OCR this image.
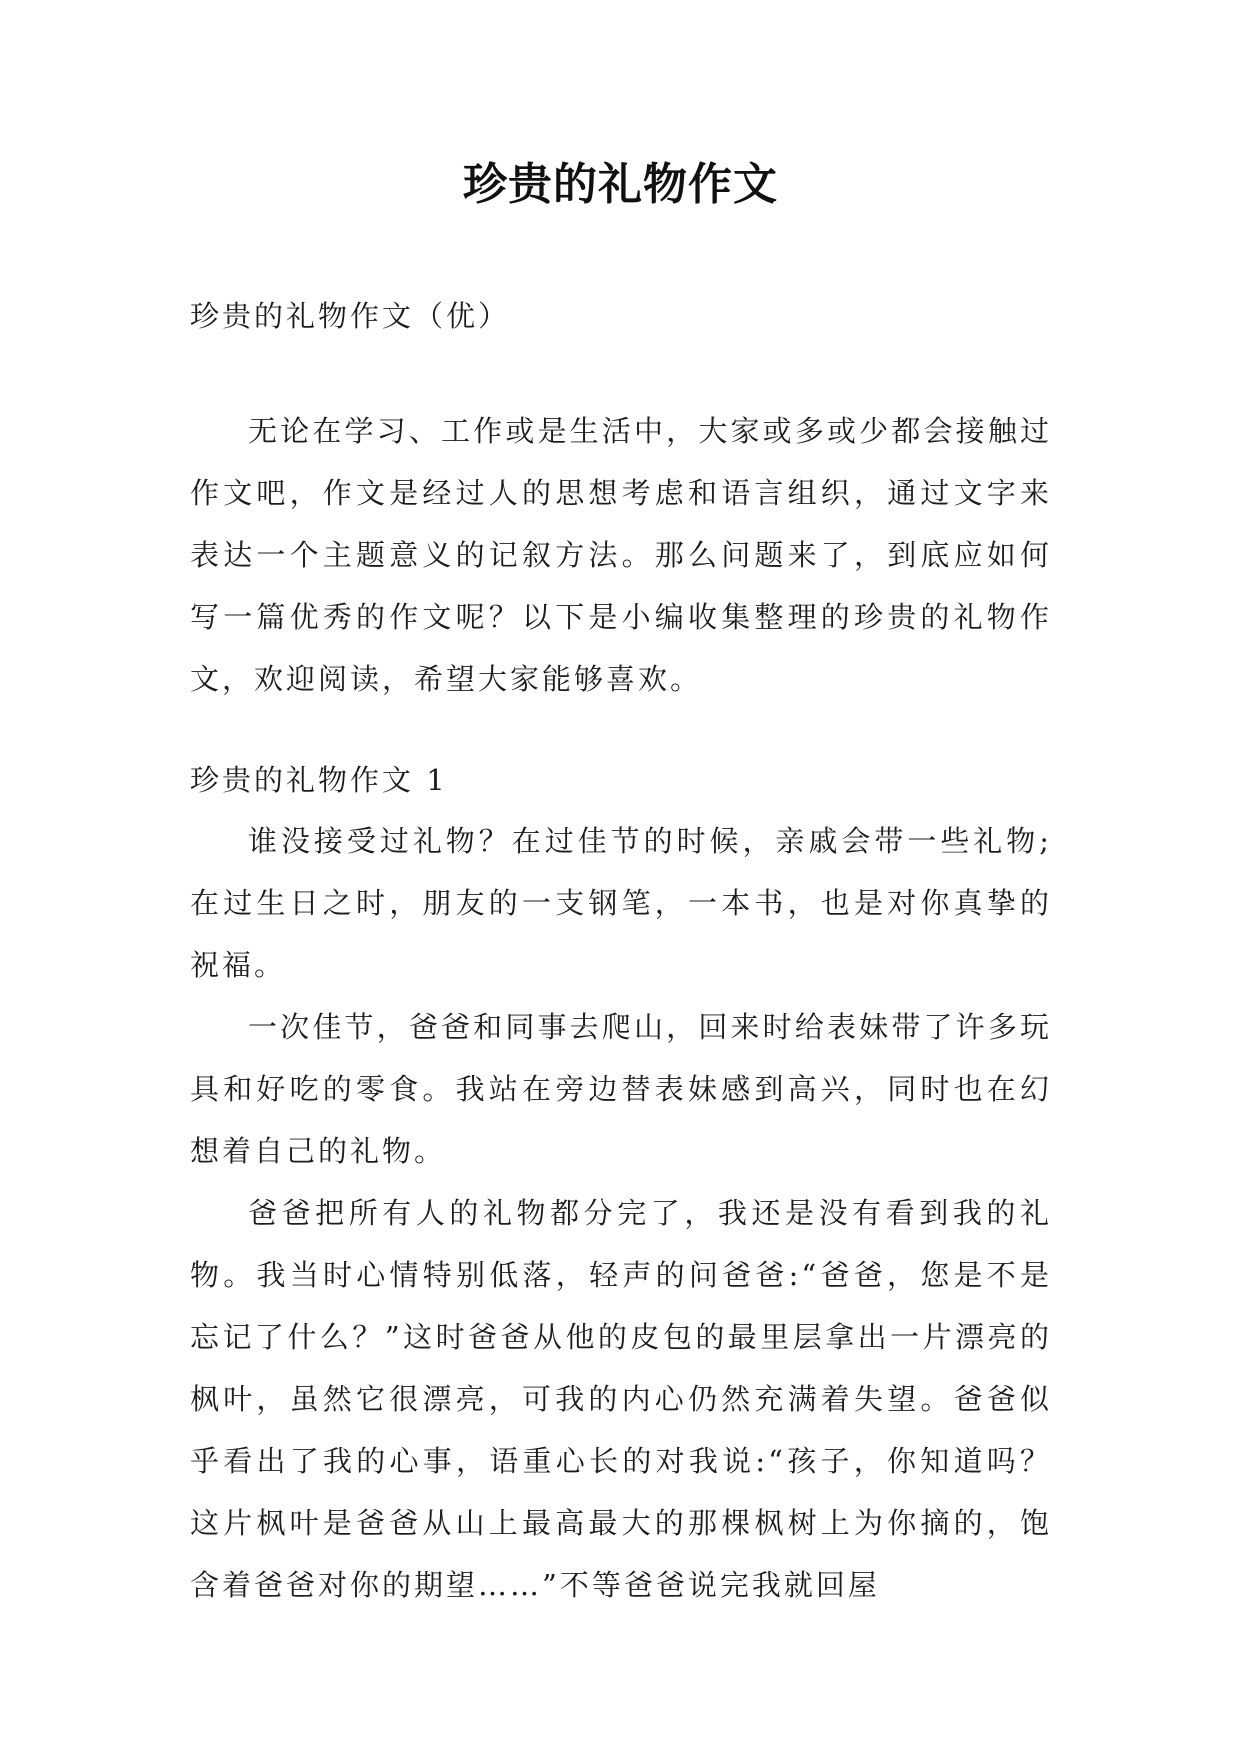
珍贵的礼物作文
珍贵的礼物作文（优）

无论在学习、工作或是生活中，大家或多或少都会接触过作文吧，作文是经过人的思想考虑和语言组织，通过文字来表达一个主题意义的记叙方法。那么问题来了，到底应如何写一篇优秀的作文呢？以下是小编收集整理的珍贵的礼物作文，欢迎阅读，希望大家能够喜欢。

珍贵的礼物作文 1

谁没接受过礼物？在过佳节的时候，亲戚会带一些礼物;在过生日之时，朋友的一支钢笔，一本书，也是对你真挚的祝福。

一次佳节，爸爸和同事去爬山，回来时给表妹带了许多玩具和好吃的零食。我站在旁边替表妹感到高兴，同时也在幻想着自己的礼物。

爸爸把所有人的礼物都分完了，我还是没有看到我的礼物。我当时心情特别低落，轻声的问爸爸:“爸爸，您是不是忘记了什么？”这时爸爸从他的皮包的最里层拿出一片漂亮的枫叶，虽然它很漂亮，可我的内心仍然充满着失望。爸爸似乎看出了我的心事，语重心长的对我说:“孩子，你知道吗？这片枫叶是爸爸从山上最高最大的那棵枫树上为你摘的，饱含着爸爸对你的期望……”不等爸爸说完我就回屋
